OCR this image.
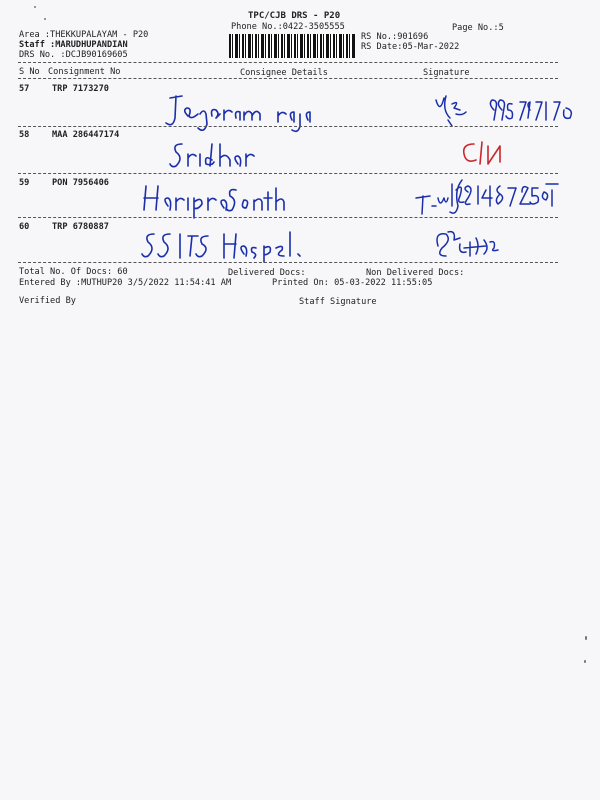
TPC/CJB DRS - P20
Phone No.:0422-3505555	Page No.:5
Area :THEKKUPALAYAM - P20
Staff :MARUDHUPANDIAN
DRS No. :DCJB90169605
RS No.:901696
RS Date:05-Mar-2022
S No Consignment No	Consignee Details	Signature
57	TRP 7173270
58	MAA 286447174
59	PON 7956406
60	TRP 6780887
Total No. Of Docs: 60	Delivered Docs:	Non Delivered Docs:
Entered By :MUTHUP20 3/5/2022 11:54:41 AM	Printed On: 05-03-2022 11:55:05
Verified By	Staff Signature
